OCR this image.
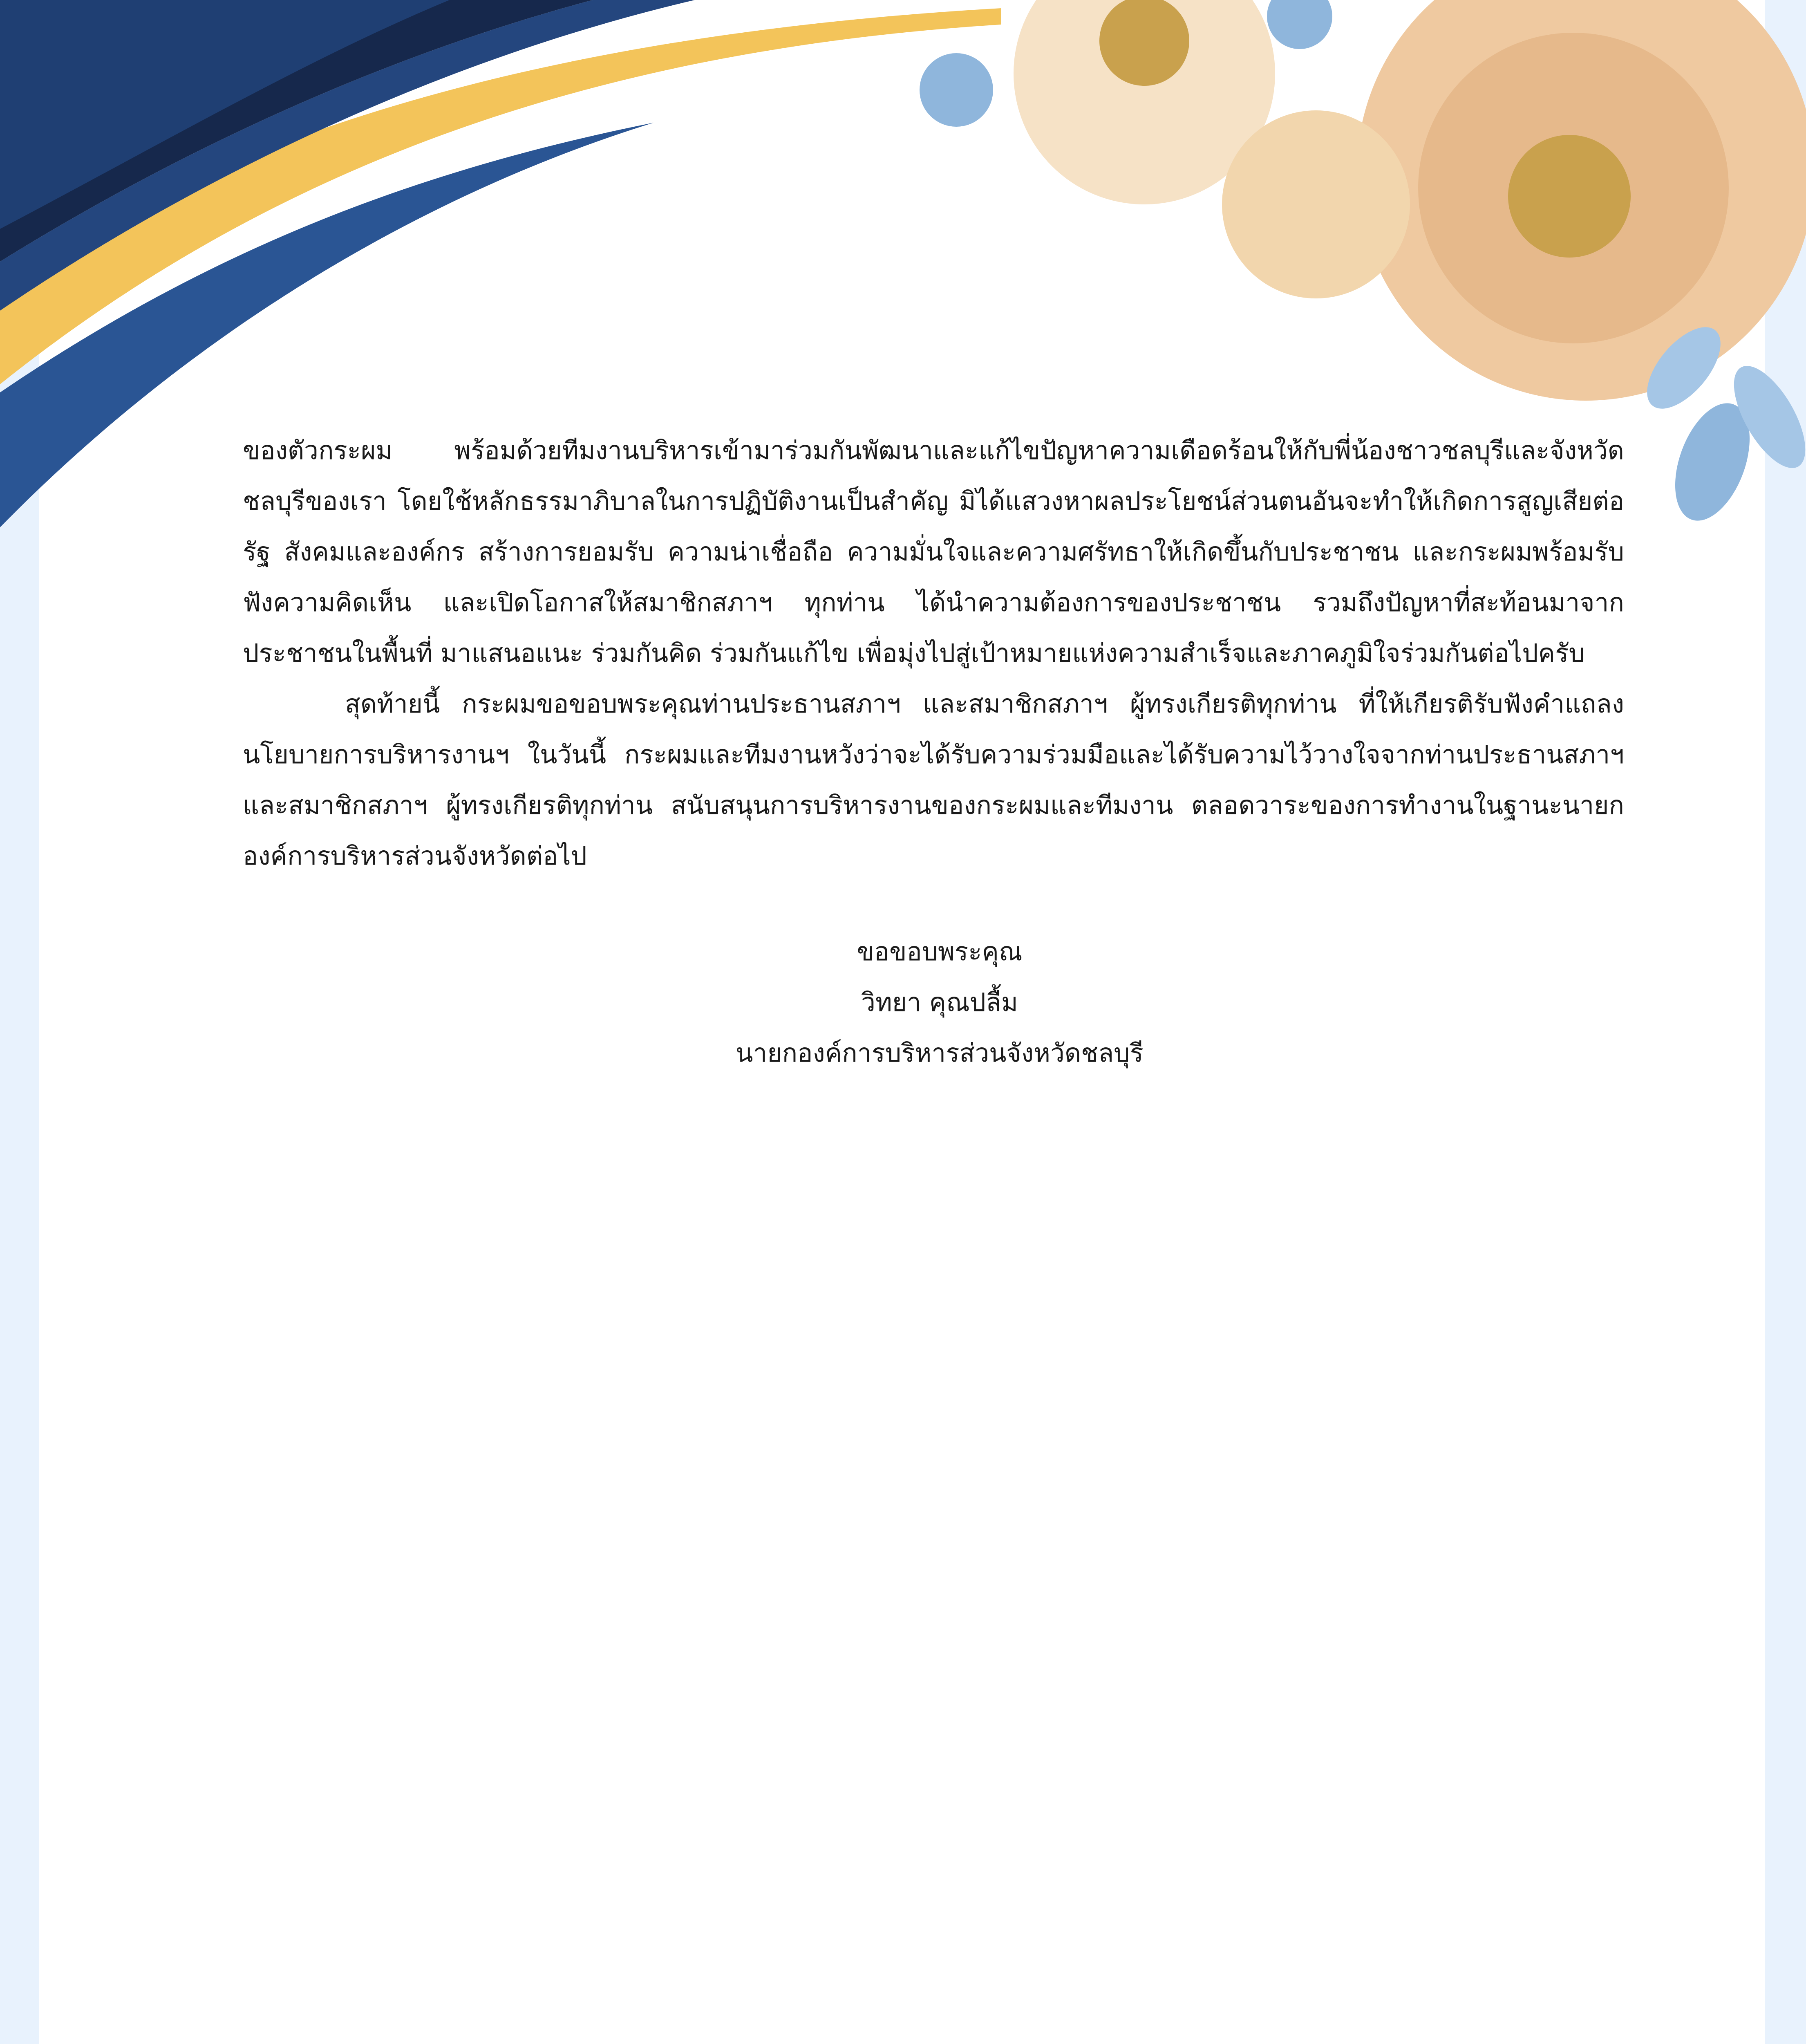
ของตัวกระผม พร้อมด้วยทีมงานบริหารเข้ามาร่วมกันพัฒนาและแก้ไขปัญหาความเดือดร้อนให้กับพี่น้องชาวชลบุรีและจังหวัดชลบุรีของเรา โดยใช้หลักธรรมาภิบาลในการปฏิบัติงานเป็นสำคัญ มิได้แสวงหาผลประโยชน์ส่วนตนอันจะทำให้เกิดการสูญเสียต่อรัฐ สังคมและองค์กร สร้างการยอมรับ ความน่าเชื่อถือ ความมั่นใจและความศรัทธาให้เกิดขึ้นกับประชาชน และกระผมพร้อมรับฟังความคิดเห็น และเปิดโอกาสให้สมาชิกสภาฯ ทุกท่าน ได้นำความต้องการของประชาชน รวมถึงปัญหาที่สะท้อนมาจากประชาชนในพื้นที่ มาแสนอแนะ ร่วมกันคิด ร่วมกันแก้ไข เพื่อมุ่งไปสู่เป้าหมายแห่งความสำเร็จและภาคภูมิใจร่วมกันต่อไปครับ

สุดท้ายนี้ กระผมขอขอบพระคุณท่านประธานสภาฯ และสมาชิกสภาฯ ผู้ทรงเกียรติทุกท่าน ที่ให้เกียรติรับฟังคำแถลงนโยบายการบริหารงานฯ ในวันนี้ กระผมและทีมงานหวังว่าจะได้รับความร่วมมือและได้รับความไว้วางใจจากท่านประธานสภาฯ และสมาชิกสภาฯ ผู้ทรงเกียรติทุกท่าน สนับสนุนการบริหารงานของกระผมและทีมงาน ตลอดวาระของการทำงานในฐานะนายกองค์การบริหารส่วนจังหวัดต่อไป

ขอขอบพระคุณ
วิทยา คุณปลื้ม
นายกองค์การบริหารส่วนจังหวัดชลบุรี
